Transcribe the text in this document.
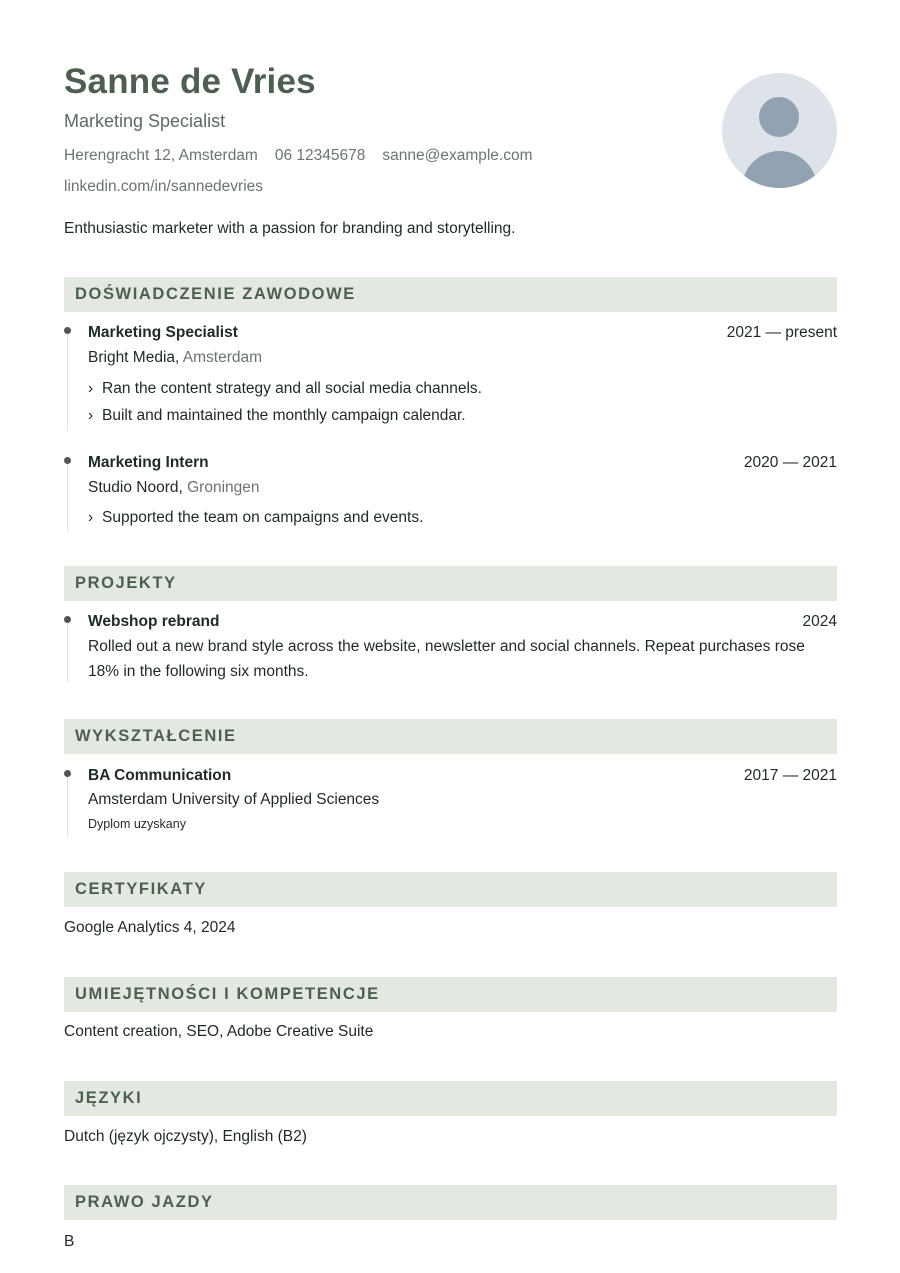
Sanne de Vries
Marketing Specialist
Herengracht 12, Amsterdam 06 12345678 sanne@example.com
linkedin.com/in/sannedevries
Enthusiastic marketer with a passion for branding and storytelling.
DOŚWIADCZENIE ZAWODOWE
Marketing Specialist	2021 — present
Bright Media, Amsterdam
› Ran the content strategy and all social media channels.
› Built and maintained the monthly campaign calendar.
Marketing Intern	2020 — 2021
Studio Noord, Groningen
› Supported the team on campaigns and events.
PROJEKTY
Webshop rebrand	2024
Rolled out a new brand style across the website, newsletter and social channels. Repeat purchases rose 18% in the following six months.
WYKSZTAŁCENIE
BA Communication	2017 — 2021
Amsterdam University of Applied Sciences
Dyplom uzyskany
CERTYFIKATY
Google Analytics 4, 2024
UMIEJĘTNOŚCI I KOMPETENCJE
Content creation, SEO, Adobe Creative Suite
JĘZYKI
Dutch (język ojczysty), English (B2)
PRAWO JAZDY
B
